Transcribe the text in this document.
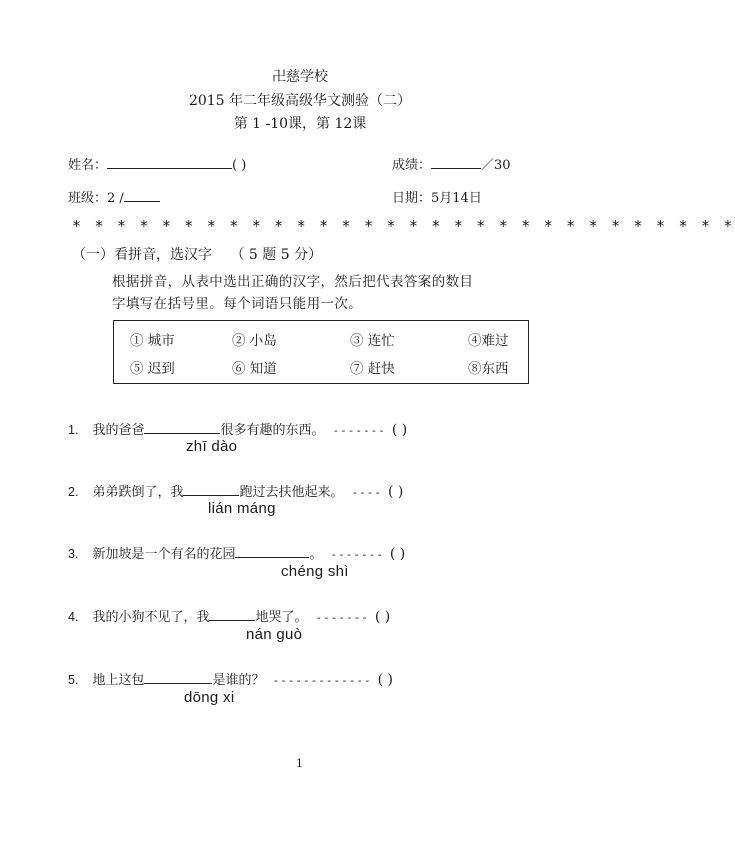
卍慈学校
2015 年二年级高级华文测验（二）
第 1 -10课，第 12课
姓名：	( )	成绩：	／30
班级：2 /	日期：5月14日
* * * * * * * * * * * * * * * * * * * * * * * * * * * * * *
（一）看拼音，选汉字 （ 5 题 5 分）
根据拼音，从表中选出正确的汉字，然后把代表答案的数目
字填写在括号里。每个词语只能用一次。
① 城市	② 小岛	③ 连忙	④难过
⑤ 迟到	⑥ 知道	⑦ 赶快	⑧东西
1. 我的爸爸	很多有趣的东西。 ------- ( )
zhī dào
2. 弟弟跌倒了，我	跑过去扶他起来。 ---- ( )
lián máng
3. 新加坡是一个有名的花园	。 ------- ( )
chéng shì
4. 我的小狗不见了，我	地哭了。 ------- ( )
nán guò
5. 地上这包	是谁的？ ------------- ( )
dōng xi
1
